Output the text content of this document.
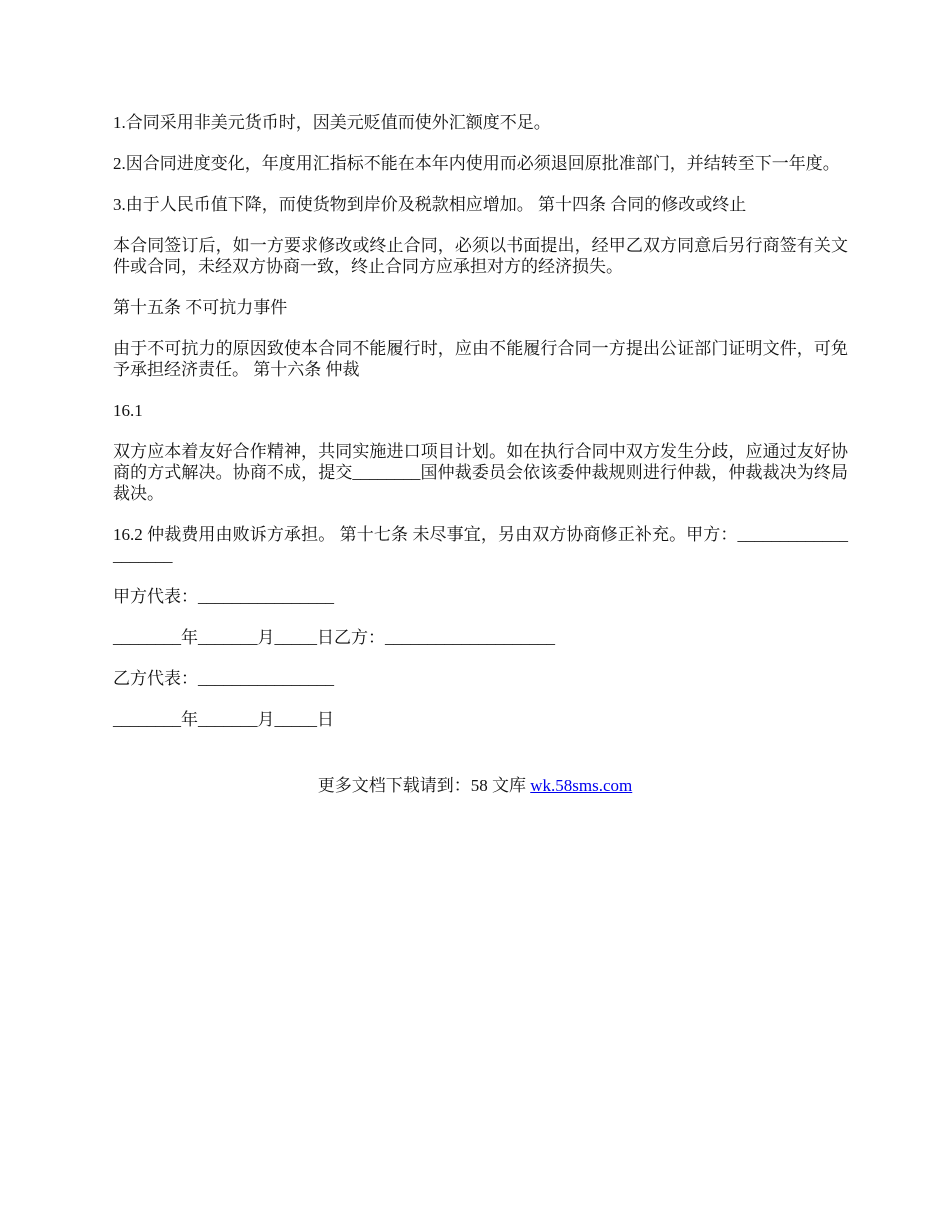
1.合同采用非美元货币时，因美元贬值而使外汇额度不足。

2.因合同进度变化，年度用汇指标不能在本年内使用而必须退回原批准部门，并结转至下一年度。

3.由于人民币值下降，而使货物到岸价及税款相应增加。 第十四条 合同的修改或终止

本合同签订后，如一方要求修改或终止合同，必须以书面提出，经甲乙双方同意后另行商签有关文件或合同，未经双方协商一致，终止合同方应承担对方的经济损失。

第十五条 不可抗力事件

由于不可抗力的原因致使本合同不能履行时，应由不能履行合同一方提出公证部门证明文件，可免予承担经济责任。 第十六条 仲裁

16.1

双方应本着友好合作精神，共同实施进口项目计划。如在执行合同中双方发生分歧，应通过友好协商的方式解决。协商不成，提交________国仲裁委员会依该委仲裁规则进行仲裁，仲裁裁决为终局裁决。

16.2 仲裁费用由败诉方承担。 第十七条 未尽事宜，另由双方协商修正补充。甲方：____________________

甲方代表：________________

________年_______月_____日乙方：____________________

乙方代表：________________

________年_______月_____日

更多文档下载请到：58 文库 wk.58sms.com
